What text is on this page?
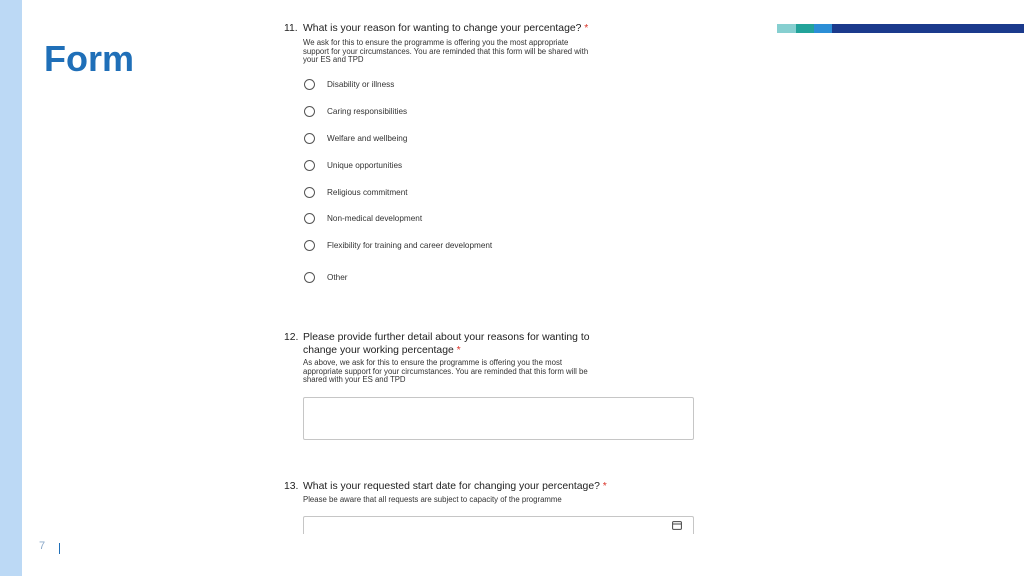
Form
11. What is your reason for wanting to change your percentage? *
We ask for this to ensure the programme is offering you the most appropriate
support for your circumstances. You are reminded that this form will be shared with
your ES and TPD
Disability or illness
Caring responsibilities
Welfare and wellbeing
Unique opportunities
Religious commitment
Non-medical development
Flexibility for training and career development
Other
12. Please provide further detail about your reasons for wanting to
change your working percentage *
As above, we ask for this to ensure the programme is offering you the most
appropriate support for your circumstances. You are reminded that this form will be
shared with your ES and TPD
13. What is your requested start date for changing your percentage? *
Please be aware that all requests are subject to capacity of the programme
7
